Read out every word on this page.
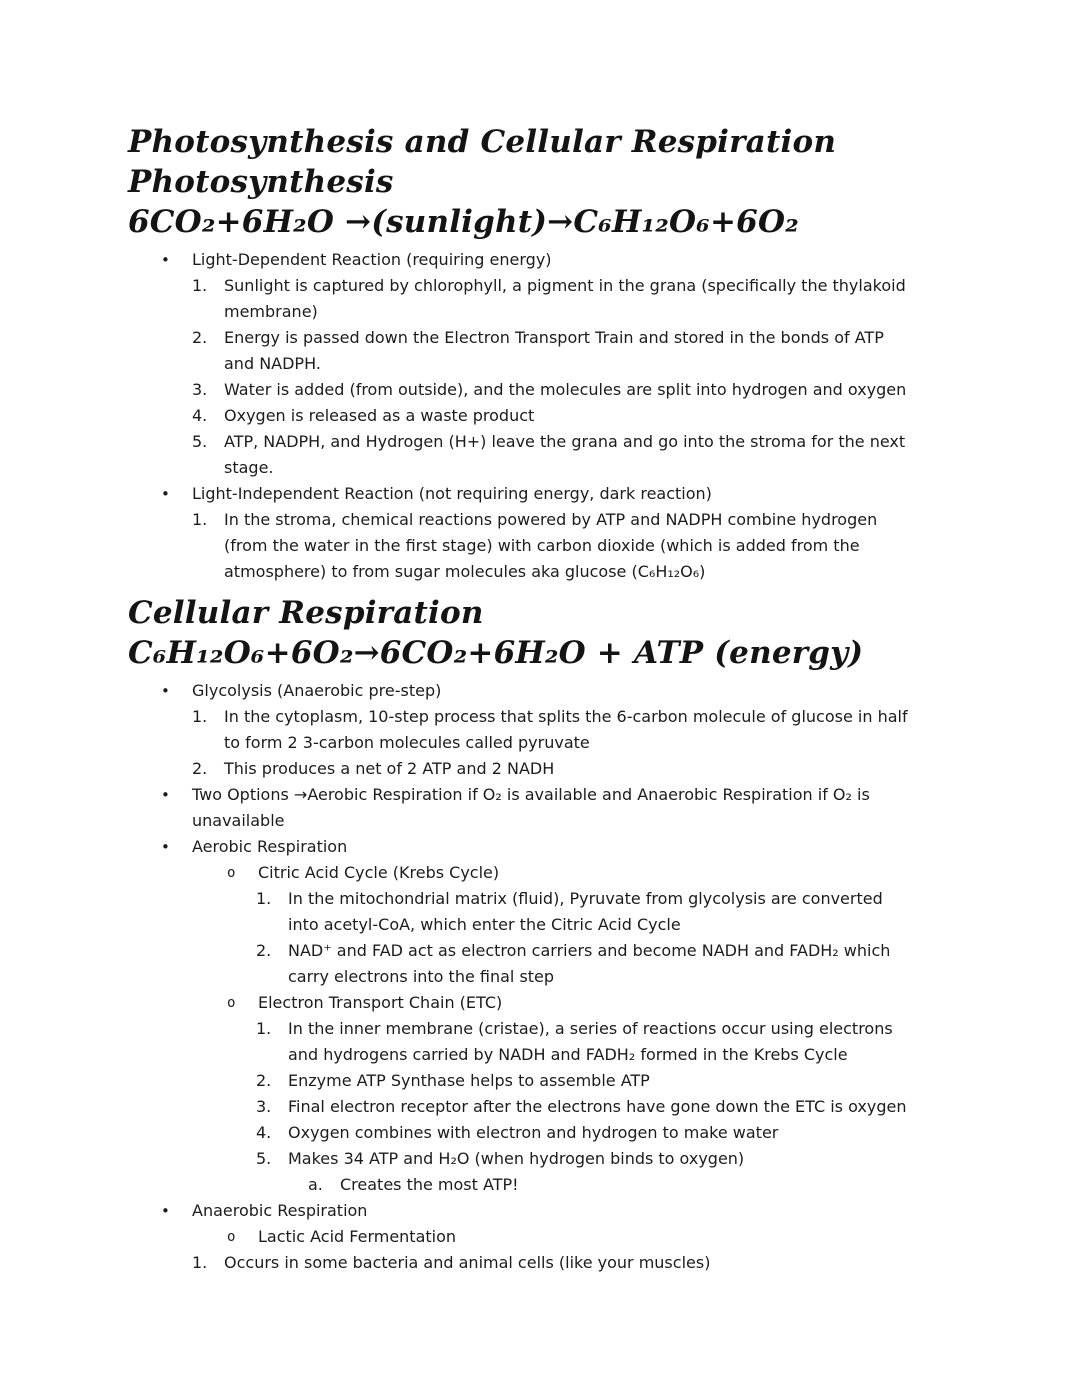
Photosynthesis and Cellular Respiration
Photosynthesis
6CO₂+6H₂O →(sunlight)→C₆H₁₂O₆+6O₂
• Light-Dependent Reaction (requiring energy)
1. Sunlight is captured by chlorophyll, a pigment in the grana (specifically the thylakoid
membrane)
2. Energy is passed down the Electron Transport Train and stored in the bonds of ATP
and NADPH.
3. Water is added (from outside), and the molecules are split into hydrogen and oxygen
4. Oxygen is released as a waste product
5. ATP, NADPH, and Hydrogen (H+) leave the grana and go into the stroma for the next
stage.
• Light-Independent Reaction (not requiring energy, dark reaction)
1. In the stroma, chemical reactions powered by ATP and NADPH combine hydrogen
(from the water in the first stage) with carbon dioxide (which is added from the
atmosphere) to from sugar molecules aka glucose (C₆H₁₂O₆)
Cellular Respiration
C₆H₁₂O₆+6O₂→6CO₂+6H₂O + ATP (energy)
• Glycolysis (Anaerobic pre-step)
1. In the cytoplasm, 10-step process that splits the 6-carbon molecule of glucose in half
to form 2 3-carbon molecules called pyruvate
2. This produces a net of 2 ATP and 2 NADH
• Two Options →Aerobic Respiration if O₂ is available and Anaerobic Respiration if O₂ is
unavailable
• Aerobic Respiration
o Citric Acid Cycle (Krebs Cycle)
1. In the mitochondrial matrix (fluid), Pyruvate from glycolysis are converted
into acetyl-CoA, which enter the Citric Acid Cycle
2. NAD⁺ and FAD act as electron carriers and become NADH and FADH₂ which
carry electrons into the final step
o Electron Transport Chain (ETC)
1. In the inner membrane (cristae), a series of reactions occur using electrons
and hydrogens carried by NADH and FADH₂ formed in the Krebs Cycle
2. Enzyme ATP Synthase helps to assemble ATP
3. Final electron receptor after the electrons have gone down the ETC is oxygen
4. Oxygen combines with electron and hydrogen to make water
5. Makes 34 ATP and H₂O (when hydrogen binds to oxygen)
a. Creates the most ATP!
• Anaerobic Respiration
o Lactic Acid Fermentation
1. Occurs in some bacteria and animal cells (like your muscles)
